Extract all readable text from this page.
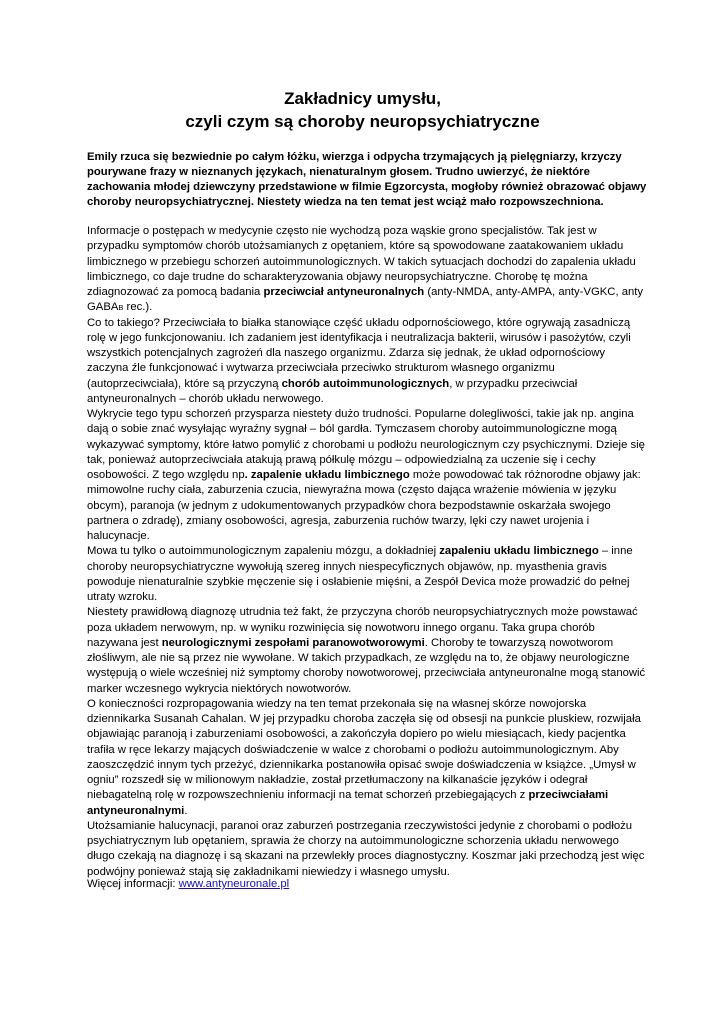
Zakładnicy umysłu,
czyli czym są choroby neuropsychiatryczne
Emily rzuca się bezwiednie po całym łóżku, wierzga i odpycha trzymających ją pielęgniarzy, krzyczy pourywane frazy w nieznanych językach, nienaturalnym głosem. Trudno uwierzyć, że niektóre zachowania młodej dziewczyny przedstawione w filmie Egzorcysta, mogłoby również obrazować objawy choroby neuropsychiatrycznej. Niestety wiedza na ten temat jest wciąż mało rozpowszechniona.

Informacje o postępach w medycynie często nie wychodzą poza wąskie grono specjalistów. Tak jest w przypadku symptomów chorób utożsamianych z opętaniem, które są spowodowane zaatakowaniem układu limbicznego w przebiegu schorzeń autoimmunologicznych. W takich sytuacjach dochodzi do zapalenia układu limbicznego, co daje trudne do scharakteryzowania objawy neuropsychiatryczne. Chorobę tę można zdiagnozować za pomocą badania przeciwciał antyneuronalnych (anty-NMDA, anty-AMPA, anty-VGKC, anty GABAB rec.).

Co to takiego? Przeciwciała to białka stanowiące część układu odpornościowego, które ogrywają zasadniczą rolę w jego funkcjonowaniu. Ich zadaniem jest identyfikacja i neutralizacja bakterii, wirusów i pasożytów, czyli wszystkich potencjalnych zagrożeń dla naszego organizmu. Zdarza się jednak, że układ odpornościowy zaczyna źle funkcjonować i wytwarza przeciwciała przeciwko strukturom własnego organizmu (autoprzeciwciała), które są przyczyną chorób autoimmunologicznych, w przypadku przeciwciał antyneuronalnych – chorób układu nerwowego.

Wykrycie tego typu schorzeń przysparza niestety dużo trudności. Popularne dolegliwości, takie jak np. angina dają o sobie znać wysyłając wyraźny sygnał – ból gardła. Tymczasem choroby autoimmunologiczne mogą wykazywać symptomy, które łatwo pomylić z chorobami u podłożu neurologicznym czy psychicznymi. Dzieje się tak, ponieważ autoprzeciwciała atakują prawą półkulę mózgu – odpowiedzialną za uczenie się i cechy osobowości. Z tego względu np. zapalenie układu limbicznego może powodować tak różnorodne objawy jak: mimowolne ruchy ciała, zaburzenia czucia, niewyraźna mowa (często dająca wrażenie mówienia w języku obcym), paranoja (w jednym z udokumentowanych przypadków chora bezpodstawnie oskarżała swojego partnera o zdradę), zmiany osobowości, agresja, zaburzenia ruchów twarzy, lęki czy nawet urojenia i halucynacje.

Mowa tu tylko o autoimmunologicznym zapaleniu mózgu, a dokładniej zapaleniu układu limbicznego – inne choroby neuropsychiatryczne wywołują szereg innych niespecyficznych objawów, np. myasthenia gravis powoduje nienaturalnie szybkie męczenie się i osłabienie mięśni, a Zespół Devica może prowadzić do pełnej utraty wzroku.

Niestety prawidłową diagnozę utrudnia też fakt, że przyczyna chorób neuropsychiatrycznych może powstawać poza układem nerwowym, np. w wyniku rozwinięcia się nowotworu innego organu. Taka grupa chorób nazywana jest neurologicznymi zespołami paranowotworowymi. Choroby te towarzyszą nowotworom złośliwym, ale nie są przez nie wywołane. W takich przypadkach, ze względu na to, że objawy neurologiczne występują o wiele wcześniej niż symptomy choroby nowotworowej, przeciwciała antyneuronalne mogą stanowić marker wczesnego wykrycia niektórych nowotworów.

O konieczności rozpropagowania wiedzy na ten temat przekonała się na własnej skórze nowojorska dziennikarka Susanah Cahalan. W jej przypadku choroba zaczęła się od obsesji na punkcie pluskiew, rozwijała objawiając paranoją i zaburzeniami osobowości, a zakończyła dopiero po wielu miesiącach, kiedy pacjentka trafiła w ręce lekarzy mających doświadczenie w walce z chorobami o podłożu autoimmunologicznym. Aby zaoszczędzić innym tych przeżyć, dziennikarka postanowiła opisać swoje doświadczenia w książce. „Umysł w ogniu” rozszedł się w milionowym nakładzie, został przetłumaczony na kilkanaście języków i odegrał niebagatelną rolę w rozpowszechnieniu informacji na temat schorzeń przebiegających z przeciwciałami antyneuronalnymi.

Utożsamianie halucynacji, paranoi oraz zaburzeń postrzegania rzeczywistości jedynie z chorobami o podłożu psychiatrycznym lub opętaniem, sprawia że chorzy na autoimmunologiczne schorzenia układu nerwowego długo czekają na diagnozę i są skazani na przewlekły proces diagnostyczny. Koszmar jaki przechodzą jest więc podwójny ponieważ stają się zakładnikami niewiedzy i własnego umysłu.

Więcej informacji: www.antyneuronale.pl
